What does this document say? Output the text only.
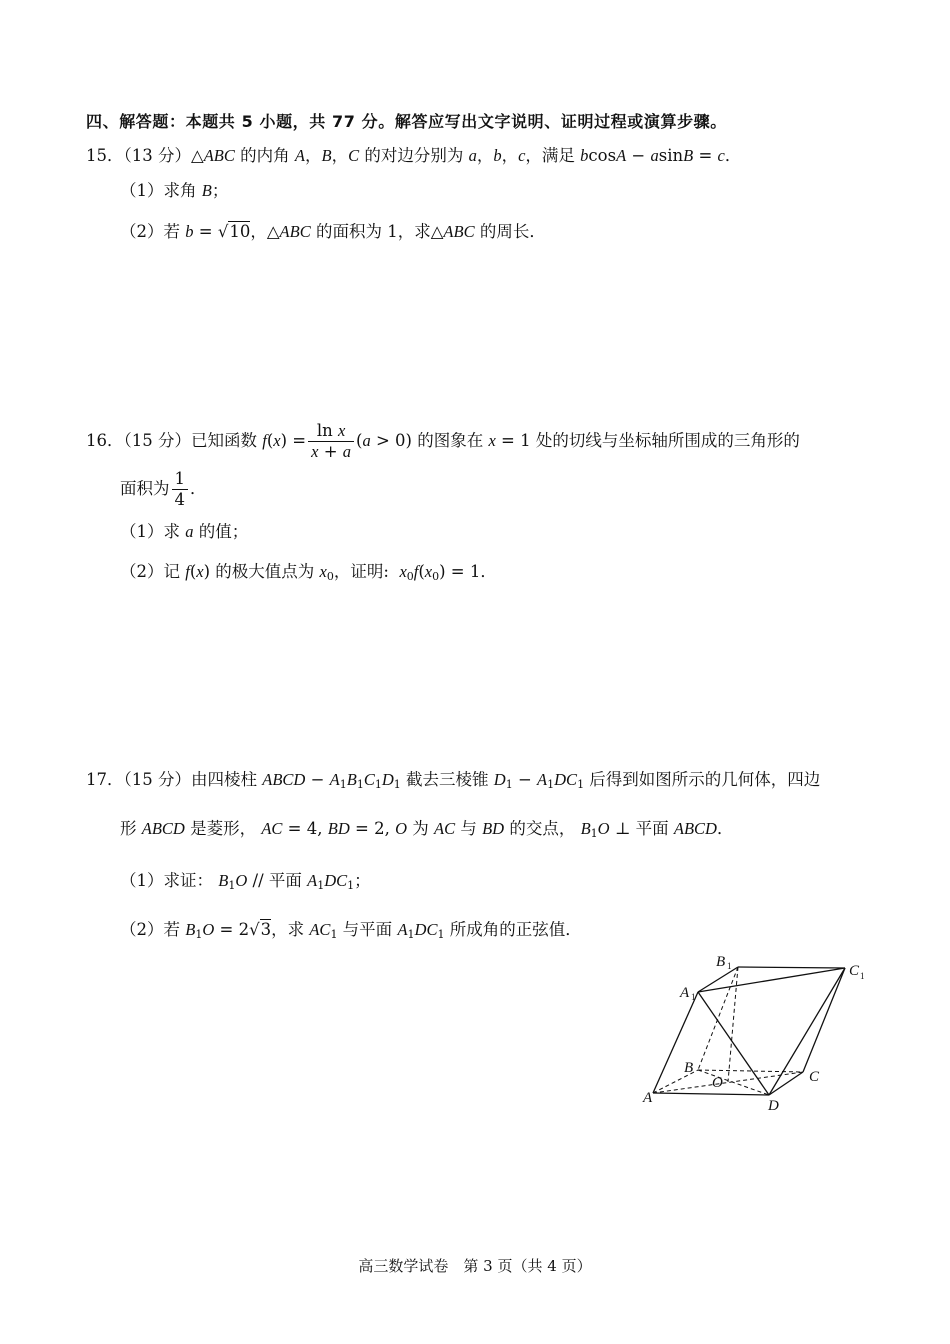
四、解答题：本题共 5 小题，共 77 分。解答应写出文字说明、证明过程或演算步骤。
15．（13 分）△ABC 的内角 A，B，C 的对边分别为 a，b，c，满足 bcosA − asinB = c．
（1）求角 B；
（2）若 b = √10，△ABC 的面积为 1，求△ABC 的周长．
16．（15 分）已知函数 $f(x) = \frac{\text{ln x}}{x + a} (a > 0)$ 的图象在 x = 1 处的切线与坐标轴所围成的三角形的
面积为 $\frac{1}{4}$ ．
（1）求 a 的值；
（2）记 f(x) 的极大值点为 $x_0$，证明:  $x_0f(x_0) = 1$．
17．（15 分）由四棱柱 ABCD − $A_1B_1C_1D_1$ 截去三棱锥 $D_1 - A_1DC_1$ 后得到如图所示的几何体，四边
形 ABCD 是菱形， AC = 4, BD = 2, O 为 AC 与 BD 的交点， $B_1O$ ⊥ 平面 ABCD．
（1）求证： $B_1O$ // 平面 $A_1DC_1$；
（2）若 $B_1O = 2√3$，求 $AC_1$ 与平面 $A_1DC_1$ 所成角的正弦值．
A 1
B 1	C 1
B
O	C
A	D
高三数学试卷　第 3 页（共 4 页）
